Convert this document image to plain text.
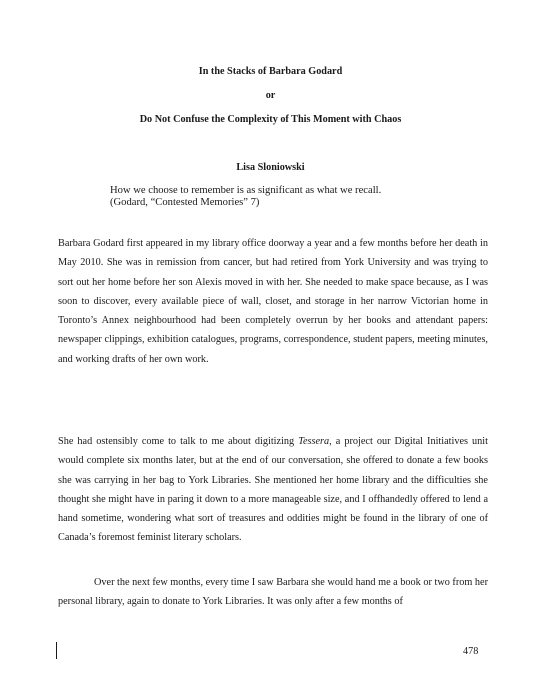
In the Stacks of Barbara Godard

or

Do Not Confuse the Complexity of This Moment with Chaos

Lisa Sloniowski

How we choose to remember is as significant as what we recall.

(Godard, “Contested Memories” 7)

Barbara Godard first appeared in my library office doorway a year and a few months before her death in May 2010. She was in remission from cancer, but had retired from York University and was trying to sort out her home before her son Alexis moved in with her. She needed to make space because, as I was soon to discover, every available piece of wall, closet, and storage in her narrow Victorian home in Toronto’s Annex neighbourhood had been completely overrun by her books and attendant papers: newspaper clippings, exhibition catalogues, programs, correspondence, student papers, meeting minutes, and working drafts of her own work.

She had ostensibly come to talk to me about digitizing Tessera, a project our Digital Initiatives unit would complete six months later, but at the end of our conversation, she offered to donate a few books she was carrying in her bag to York Libraries. She mentioned her home library and the difficulties she thought she might have in paring it down to a more manageable size, and I offhandedly offered to lend a hand sometime, wondering what sort of treasures and oddities might be found in the library of one of Canada’s foremost feminist literary scholars.

Over the next few months, every time I saw Barbara she would hand me a book or two from her personal library, again to donate to York Libraries. It was only after a few months of

478
